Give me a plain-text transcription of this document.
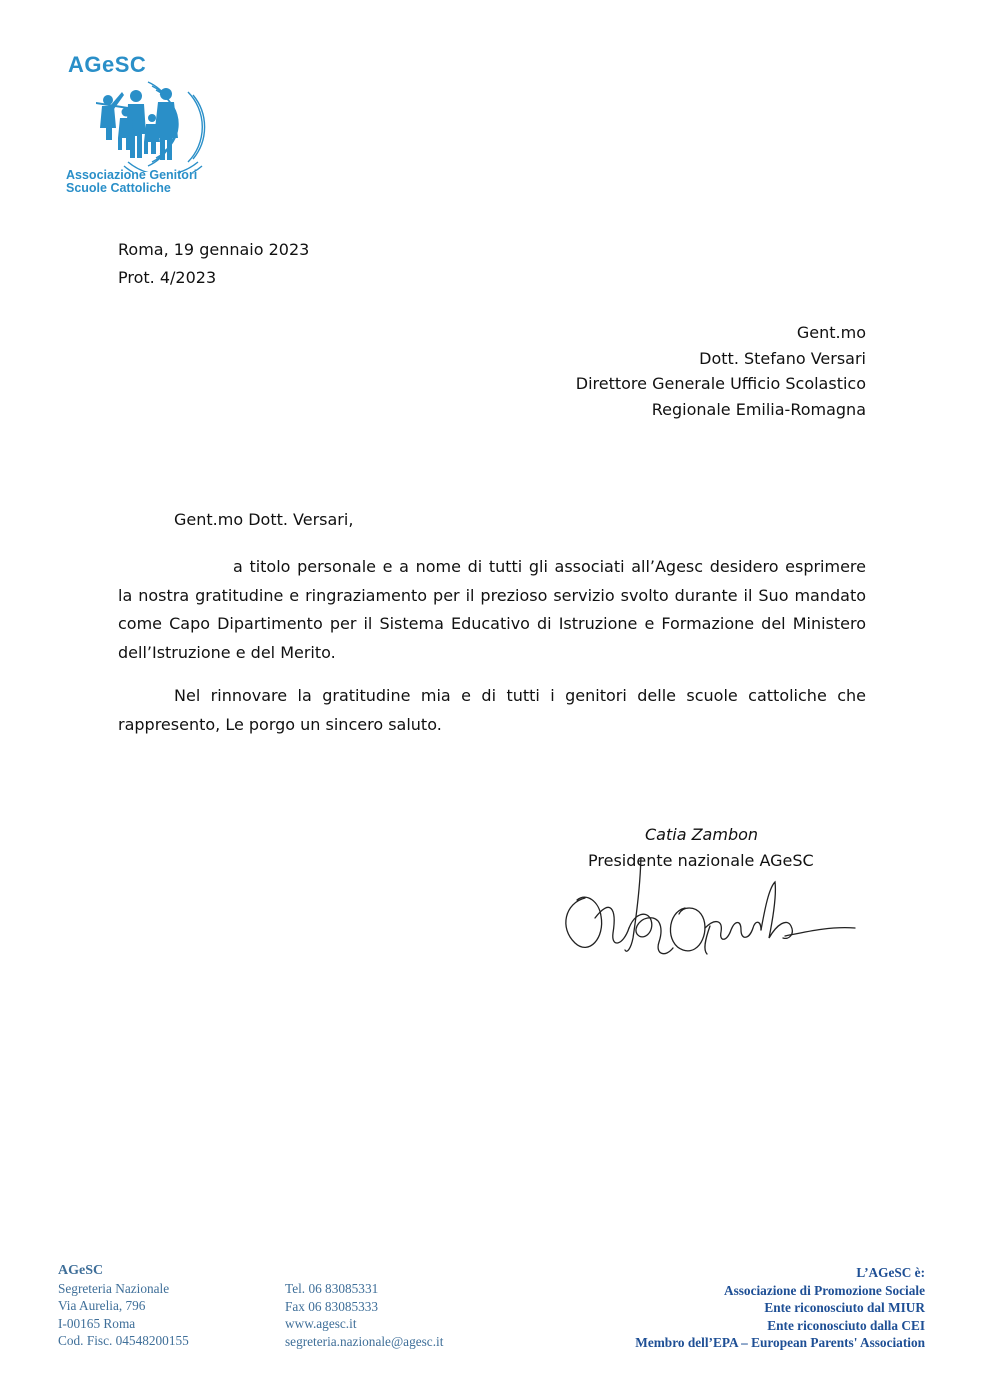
AGeSC
Associazione Genitori
Scuole Cattoliche
Roma, 19 gennaio 2023
Prot. 4/2023
Gent.mo
Dott. Stefano Versari
Direttore Generale Ufficio Scolastico
Regionale Emilia-Romagna
Gent.mo Dott. Versari,
a titolo personale e a nome di tutti gli associati all’Agesc desidero esprimere la nostra gratitudine e ringraziamento per il prezioso servizio svolto durante il Suo mandato come Capo Dipartimento per il Sistema Educativo di Istruzione e Formazione del Ministero dell’Istruzione e del Merito.
Nel rinnovare la gratitudine mia e di tutti i genitori delle scuole cattoliche che rappresento, Le porgo un sincero saluto.
Catia Zambon
Presidente nazionale AGeSC
AGeSC
Segreteria Nazionale
Via Aurelia, 796
I-00165 Roma
Cod. Fisc. 04548200155
Tel. 06 83085331
Fax 06 83085333
www.agesc.it
segreteria.nazionale@agesc.it
L’AGeSC è:
Associazione di Promozione Sociale
Ente riconosciuto dal MIUR
Ente riconosciuto dalla CEI
Membro dell’EPA – European Parents' Association
